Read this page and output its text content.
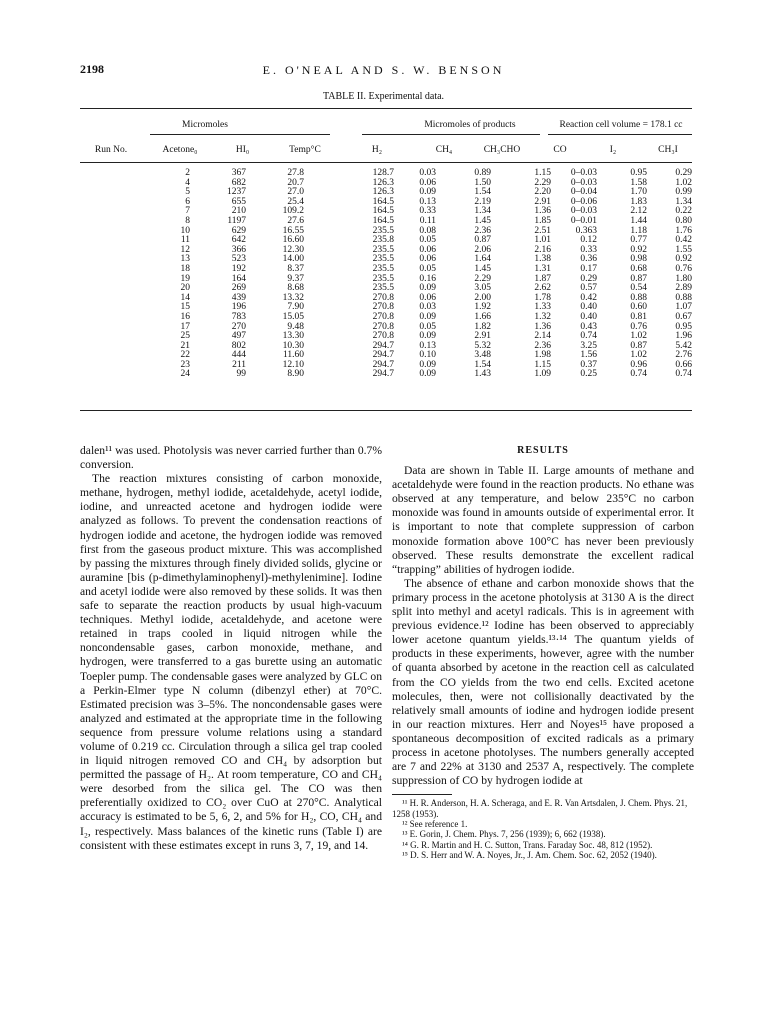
2198	E. O'NEAL AND S. W. BENSON
TABLE II. Experimental data.
Micromoles	Micromoles of products	Reaction cell volume = 178.1 cc
Run No.	Acetone₀	HI₀	Temp°C	H₂	CH₄	CH₃CHO	CO	I₂	CH₃I
	2	367	27.8	128.7	0.03	0.89	1.15	0–0.03	0.95	0.29
	4	682	20.7	126.3	0.06	1.50	2.29	0–0.03	1.58	1.02
	5	1237	27.0	126.3	0.09	1.54	2.20	0–0.04	1.70	0.99
	6	655	25.4	164.5	0.13	2.19	2.91	0–0.06	1.83	1.34
	7	210	109.2	164.5	0.33	1.34	1.36	0–0.03	2.12	0.22
	8	1197	27.6	164.5	0.11	1.45	1.85	0–0.01	1.44	0.80
	10	629	16.55	235.5	0.08	2.36	2.51	0.363	1.18	1.76
	11	642	16.60	235.8	0.05	0.87	1.01	0.12	0.77	0.42
	12	366	12.30	235.5	0.06	2.06	2.16	0.33	0.92	1.55
	13	523	14.00	235.5	0.06	1.64	1.38	0.36	0.98	0.92
	18	192	8.37	235.5	0.05	1.45	1.31	0.17	0.68	0.76
	19	164	9.37	235.5	0.16	2.29	1.87	0.29	0.87	1.80
	20	269	8.68	235.5	0.09	3.05	2.62	0.57	0.54	2.89
	14	439	13.32	270.8	0.06	2.00	1.78	0.42	0.88	0.88
	15	196	7.90	270.8	0.03	1.92	1.33	0.40	0.60	1.07
	16	783	15.05	270.8	0.09	1.66	1.32	0.40	0.81	0.67
	17	270	9.48	270.8	0.05	1.82	1.36	0.43	0.76	0.95
	25	497	13.30	270.8	0.09	2.91	2.14	0.74	1.02	1.96
	21	802	10.30	294.7	0.13	5.32	2.36	3.25	0.87	5.42
	22	444	11.60	294.7	0.10	3.48	1.98	1.56	1.02	2.76
	23	211	12.10	294.7	0.09	1.54	1.15	0.37	0.96	0.66
	24	99	8.90	294.7	0.09	1.43	1.09	0.25	0.74	0.74

dalen¹¹ was used. Photolysis was never carried further than 0.7% conversion.

The reaction mixtures consisting of carbon monoxide, methane, hydrogen, methyl iodide, acetaldehyde, acetyl iodide, iodine, and unreacted acetone and hydrogen iodide were analyzed as follows. To prevent the condensation reactions of hydrogen iodide and acetone, the hydrogen iodide was removed first from the gaseous product mixture. This was accomplished by passing the mixtures through finely divided solids, glycine or auramine [bis (p-dimethylaminophenyl)-methylenimine]. Iodine and acetyl iodide were also removed by these solids. It was then safe to separate the reaction products by usual high-vacuum techniques. Methyl iodide, acetaldehyde, and acetone were retained in traps cooled in liquid nitrogen while the noncondensable gases, carbon monoxide, methane, and hydrogen, were transferred to a gas burette using an automatic Toepler pump. The condensable gases were analyzed by GLC on a Perkin-Elmer type N column (dibenzyl ether) at 70°C. Estimated precision was 3–5%. The noncondensable gases were analyzed and estimated at the appropriate time in the following sequence from pressure volume relations using a standard volume of 0.219 cc. Circulation through a silica gel trap cooled in liquid nitrogen removed CO and CH₄ by adsorption but permitted the passage of H₂. At room temperature, CO and CH₄ were desorbed from the silica gel. The CO was then preferentially oxidized to CO₂ over CuO at 270°C. Analytical accuracy is estimated to be 5, 6, 2, and 5% for H₂, CO, CH₄ and I₂, respectively. Mass balances of the kinetic runs (Table I) are consistent with these estimates except in runs 3, 7, 19, and 14.

RESULTS

Data are shown in Table II. Large amounts of methane and acetaldehyde were found in the reaction products. No ethane was observed at any temperature, and below 235°C no carbon monoxide was found in amounts outside of experimental error. It is important to note that complete suppression of carbon monoxide formation above 100°C has never been previously observed. These results demonstrate the excellent radical “trapping” abilities of hydrogen iodide.

The absence of ethane and carbon monoxide shows that the primary process in the acetone photolysis at 3130 A is the direct split into methyl and acetyl radicals. This is in agreement with previous evidence.¹² Iodine has been observed to appreciably lower acetone quantum yields.¹³·¹⁴ The quantum yields of products in these experiments, however, agree with the number of quanta absorbed by acetone in the reaction cell as calculated from the CO yields from the two end cells. Excited acetone molecules, then, were not collisionally deactivated by the relatively small amounts of iodine and hydrogen iodide present in our reaction mixtures. Herr and Noyes¹⁵ have proposed a spontaneous decomposition of excited radicals as a primary process in acetone photolyses. The numbers generally accepted are 7 and 22% at 3130 and 2537 A, respectively. The complete suppression of CO by hydrogen iodide at

¹¹ H. R. Anderson, H. A. Scheraga, and E. R. Van Artsdalen, J. Chem. Phys. 21, 1258 (1953).

¹² See reference 1.

¹³ E. Gorin, J. Chem. Phys. 7, 256 (1939); 6, 662 (1938).

¹⁴ G. R. Martin and H. C. Sutton, Trans. Faraday Soc. 48, 812 (1952).

¹⁵ D. S. Herr and W. A. Noyes, Jr., J. Am. Chem. Soc. 62, 2052 (1940).
